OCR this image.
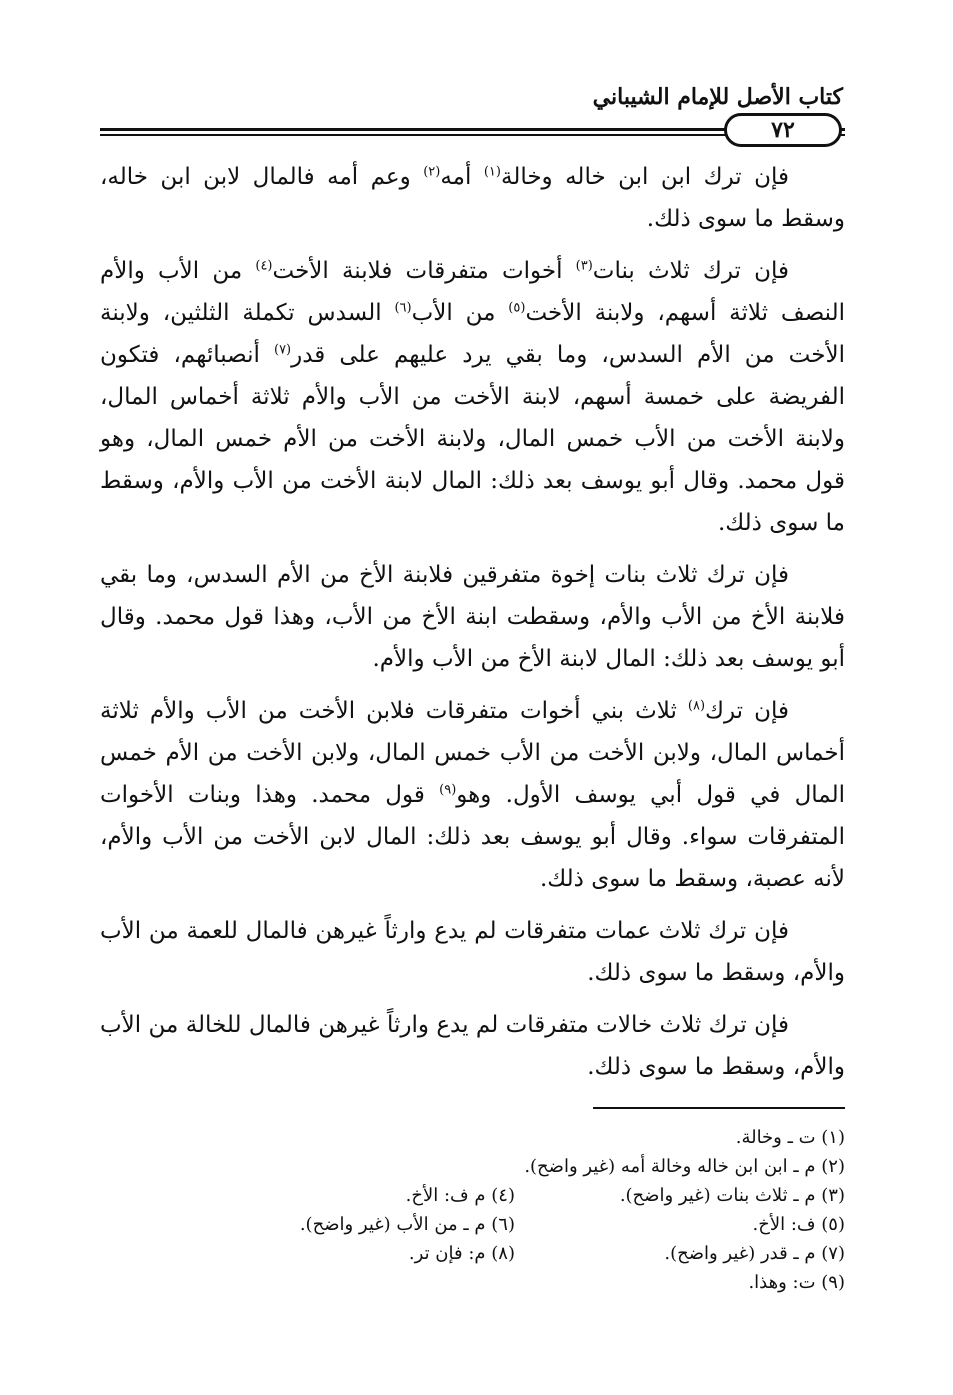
كتاب الأصل للإمام الشيباني
٧٢

فإن ترك ابن ابن خاله وخالة$^{(١)}$ أمه$^{(٢)}$ وعم أمه فالمال لابن ابن خاله، وسقط ما سوى ذلك.

فإن ترك ثلاث بنات$^{(٣)}$ أخوات متفرقات فلابنة الأخت$^{(٤)}$ من الأب والأم النصف ثلاثة أسهم، ولابنة الأخت$^{(٥)}$ من الأب$^{(٦)}$ السدس تكملة الثلثين، ولابنة الأخت من الأم السدس، وما بقي يرد عليهم على قدر$^{(٧)}$ أنصبائهم، فتكون الفريضة على خمسة أسهم، لابنة الأخت من الأب والأم ثلاثة أخماس المال، ولابنة الأخت من الأب خمس المال، ولابنة الأخت من الأم خمس المال، وهو قول محمد. وقال أبو يوسف بعد ذلك: المال لابنة الأخت من الأب والأم، وسقط ما سوى ذلك.

فإن ترك ثلاث بنات إخوة متفرقين فلابنة الأخ من الأم السدس، وما بقي فلابنة الأخ من الأب والأم، وسقطت ابنة الأخ من الأب، وهذا قول محمد. وقال أبو يوسف بعد ذلك: المال لابنة الأخ من الأب والأم.

فإن ترك$^{(٨)}$ ثلاث بني أخوات متفرقات فلابن الأخت من الأب والأم ثلاثة أخماس المال، ولابن الأخت من الأب خمس المال، ولابن الأخت من الأم خمس المال في قول أبي يوسف الأول. وهو$^{(٩)}$ قول محمد. وهذا وبنات الأخوات المتفرقات سواء. وقال أبو يوسف بعد ذلك: المال لابن الأخت من الأب والأم، لأنه عصبة، وسقط ما سوى ذلك.

فإن ترك ثلاث عمات متفرقات لم يدع وارثاً غيرهن فالمال للعمة من الأب والأم، وسقط ما سوى ذلك.

فإن ترك ثلاث خالات متفرقات لم يدع وارثاً غيرهن فالمال للخالة من الأب والأم، وسقط ما سوى ذلك.

(١) ت ـ وخالة.
(٢) م ـ ابن ابن خاله وخالة أمه (غير واضح).
(٣) م ـ ثلاث بنات (غير واضح).
(٤) م ف: الأخ.
(٥) ف: الأخ.
(٦) م ـ من الأب (غير واضح).
(٧) م ـ قدر (غير واضح).
(٨) م: فإن تر.
(٩) ت: وهذا.
